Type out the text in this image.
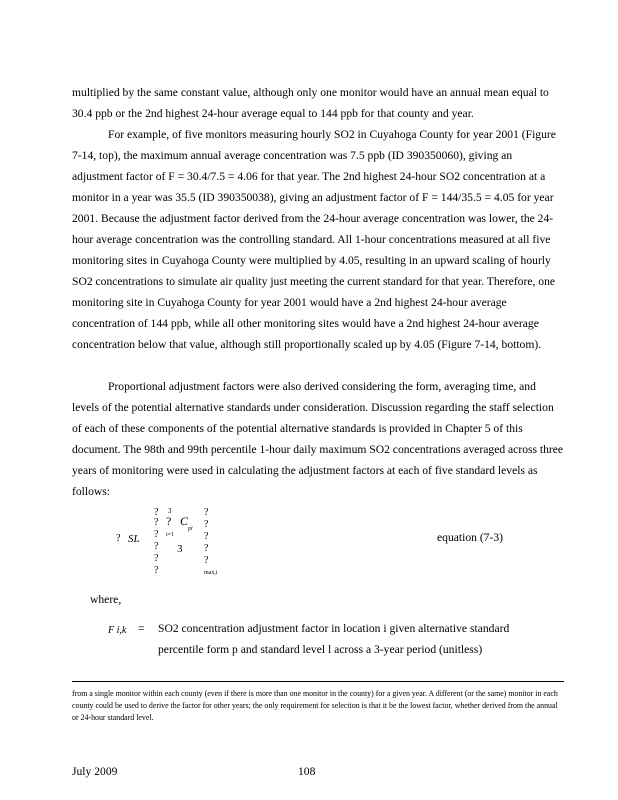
multiplied by the same constant value, although only one monitor would have an annual mean equal to 30.4 ppb or the 2nd highest 24-hour average equal to 144 ppb for that county and year.

For example, of five monitors measuring hourly SO2 in Cuyahoga County for year 2001 (Figure 7-14, top), the maximum annual average concentration was 7.5 ppb (ID 390350060), giving an adjustment factor of F = 30.4/7.5 = 4.06 for that year. The 2nd highest 24-hour SO2 concentration at a monitor in a year was 35.5 (ID 390350038), giving an adjustment factor of F = 144/35.5 = 4.05 for year 2001. Because the adjustment factor derived from the 24-hour average concentration was lower, the 24-hour average concentration was the controlling standard. All 1-hour concentrations measured at all five monitoring sites in Cuyahoga County were multiplied by 4.05, resulting in an upward scaling of hourly SO2 concentrations to simulate air quality just meeting the current standard for that year. Therefore, one monitoring site in Cuyahoga County for year 2001 would have a 2nd highest 24-hour average concentration of 144 ppb, while all other monitoring sites would have a 2nd highest 24-hour average concentration below that value, although still proportionally scaled up by 4.05 (Figure 7-14, bottom).

Proportional adjustment factors were also derived considering the form, averaging time, and levels of the potential alternative standards under consideration. Discussion regarding the staff selection of each of these components of the potential alternative standards is provided in Chapter 5 of this document. The 98th and 99th percentile 1-hour daily maximum SO2 concentrations averaged across three years of monitoring were used in calculating the adjustment factors at each of five standard levels as follows:

?
?
?
?
?
?
3
? C
pi
i=1
3
SL
?
?
?
?
?
?
max,i
equation (7-3)
where,
F i,k = SO2 concentration adjustment factor in location i given alternative standard
percentile form p and standard level l across a 3-year period (unitless)
from a single monitor within each county (even if there is more than one monitor in the county) for a given year. A different (or the same) monitor in each county could be used to derive the factor for other years; the only requirement for selection is that it be the lowest factor, whether derived from the annual or 24-hour standard level.
July 2009	108
